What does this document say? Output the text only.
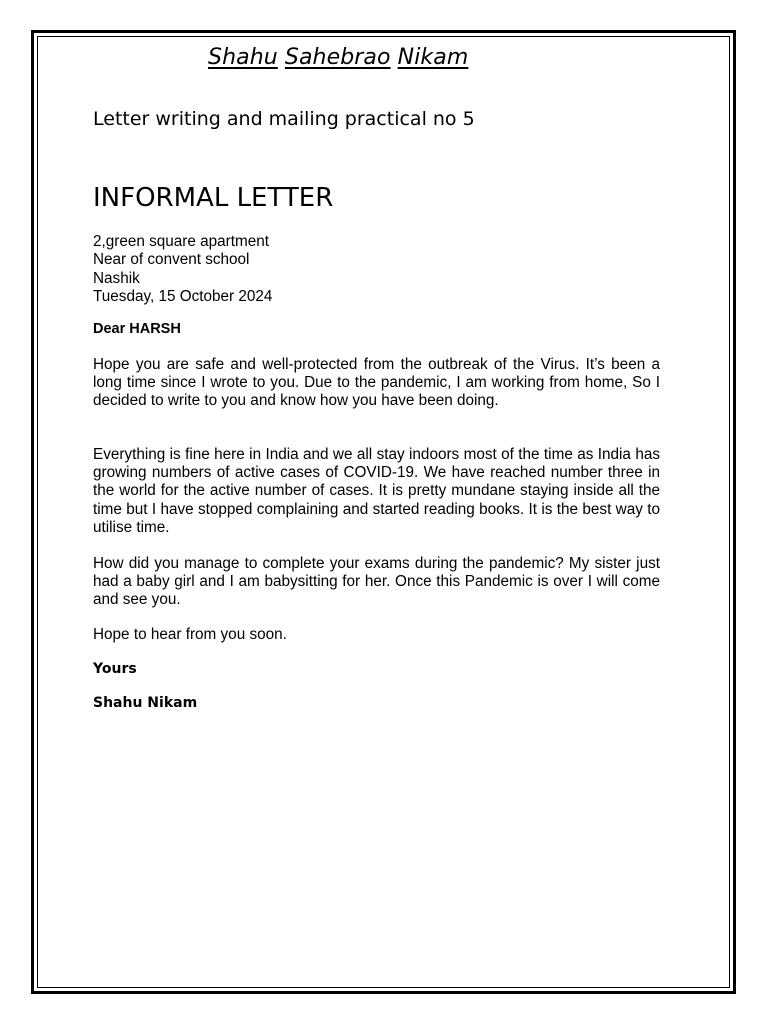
Shahu Sahebrao Nikam
Letter writing and mailing practical no 5
INFORMAL LETTER
2,green square apartment
Near of convent school
Nashik
Tuesday, 15 October 2024
Dear HARSH
Hope you are safe and well-protected from the outbreak of the Virus. It’s been a long time since I wrote to you. Due to the pandemic, I am working from home, So I decided to write to you and know how you have been doing.
Everything is fine here in India and we all stay indoors most of the time as India has growing numbers of active cases of COVID-19. We have reached number three in the world for the active number of cases. It is pretty mundane staying inside all the time but I have stopped complaining and started reading books. It is the best way to utilise time.
How did you manage to complete your exams during the pandemic? My sister just had a baby girl and I am babysitting for her. Once this Pandemic is over I will come and see you.
Hope to hear from you soon.
Yours
Shahu Nikam
